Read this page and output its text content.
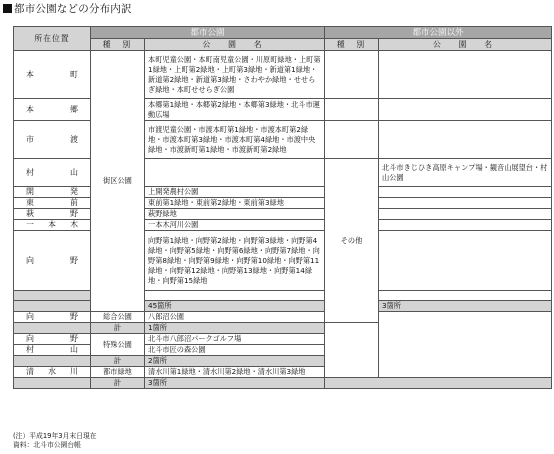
都市公園などの分布内訳
所在位置	都市公園		都市公園以外	
	種　別	公　園　名	種　別	公　園　名
本　　町	街区公園	本町児童公園・本町南児童公園・川原町緑地・上町第1緑地・上町第2緑地・上町第3緑地・新道第1緑地・新道第2緑地・新道第3緑地・さわやか緑地・せせらぎ緑地・本町せせらぎ公園		
本　　郷		本郷第1緑地・本郷第2緑地・本郷第3緑地・北斗市運動広場		
市　　渡		市渡児童公園・市渡本町第1緑地・市渡本町第2緑地・市渡本町第3緑地・市渡本町第4緑地・市渡中央緑地・市渡新町第1緑地・市渡新町第2緑地		
村　　山			その他	北斗市きじひき高原キャンプ場・観音山展望台・村山公園
開　　発		上開発農村公園		
東　　前		東前第1緑地・東前第2緑地・東前第3緑地		
萩　　野		萩野緑地		
一　本　木		一本木河川公園		
向　　野		向野第1緑地・向野第2緑地・向野第3緑地・向野第4緑地・向野第5緑地・向野第6緑地・向野第7緑地・向野第8緑地・向野第9緑地・向野第10緑地・向野第11緑地・向野第12緑地・向野第13緑地・向野第14緑地・向野第15緑地		

		45箇所		3箇所
向　　野	総合公園	八郎沼公園		
	計	1箇所		
向　　野	特殊公園	北斗市八郎沼パークゴルフ場		
村　　山		北斗市匠の森公園		
	計	2箇所		
清　水　川	都市緑地	清水川第1緑地・清水川第2緑地・清水川第3緑地		
	計	3箇所		
(注）平成19年3月末日現在
資料：北斗市公園台帳
